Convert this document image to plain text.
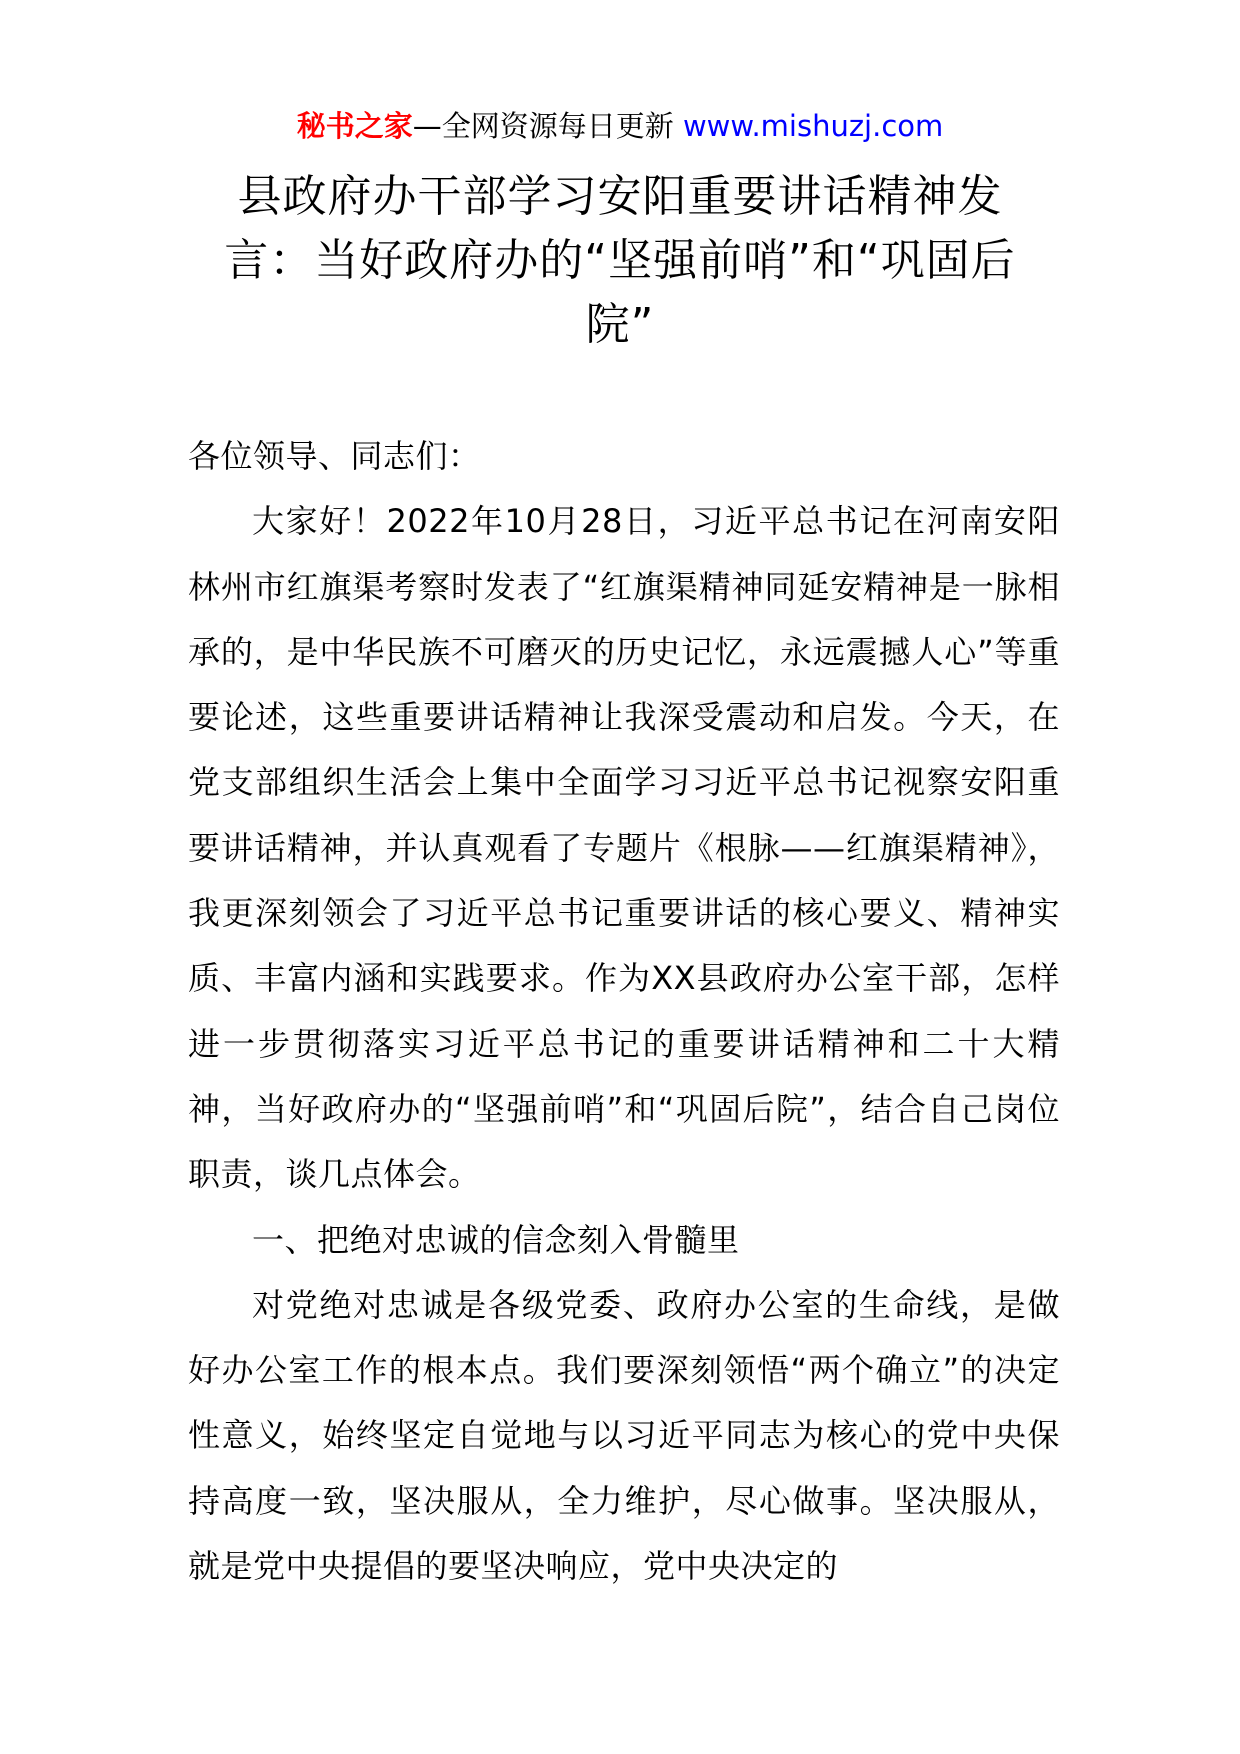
秘书之家—全网资源每日更新 www.mishuzj.com
县政府办干部学习安阳重要讲话精神发言：当好政府办的“坚强前哨”和“巩固后院”

各位领导、同志们：

大家好！2022年10月28日，习近平总书记在河南安阳林州市红旗渠考察时发表了“红旗渠精神同延安精神是一脉相承的，是中华民族不可磨灭的历史记忆，永远震撼人心”等重要论述，这些重要讲话精神让我深受震动和启发。今天，在党支部组织生活会上集中全面学习习近平总书记视察安阳重要讲话精神，并认真观看了专题片《根脉——红旗渠精神》，我更深刻领会了习近平总书记重要讲话的核心要义、精神实质、丰富内涵和实践要求。作为XX县政府办公室干部，怎样进一步贯彻落实习近平总书记的重要讲话精神和二十大精神，当好政府办的“坚强前哨”和“巩固后院”，结合自己岗位职责，谈几点体会。

一、把绝对忠诚的信念刻入骨髓里

对党绝对忠诚是各级党委、政府办公室的生命线，是做好办公室工作的根本点。我们要深刻领悟“两个确立”的决定性意义，始终坚定自觉地与以习近平同志为核心的党中央保持高度一致，坚决服从，全力维护，尽心做事。坚决服从，就是党中央提倡的要坚决响应，党中央决定的
